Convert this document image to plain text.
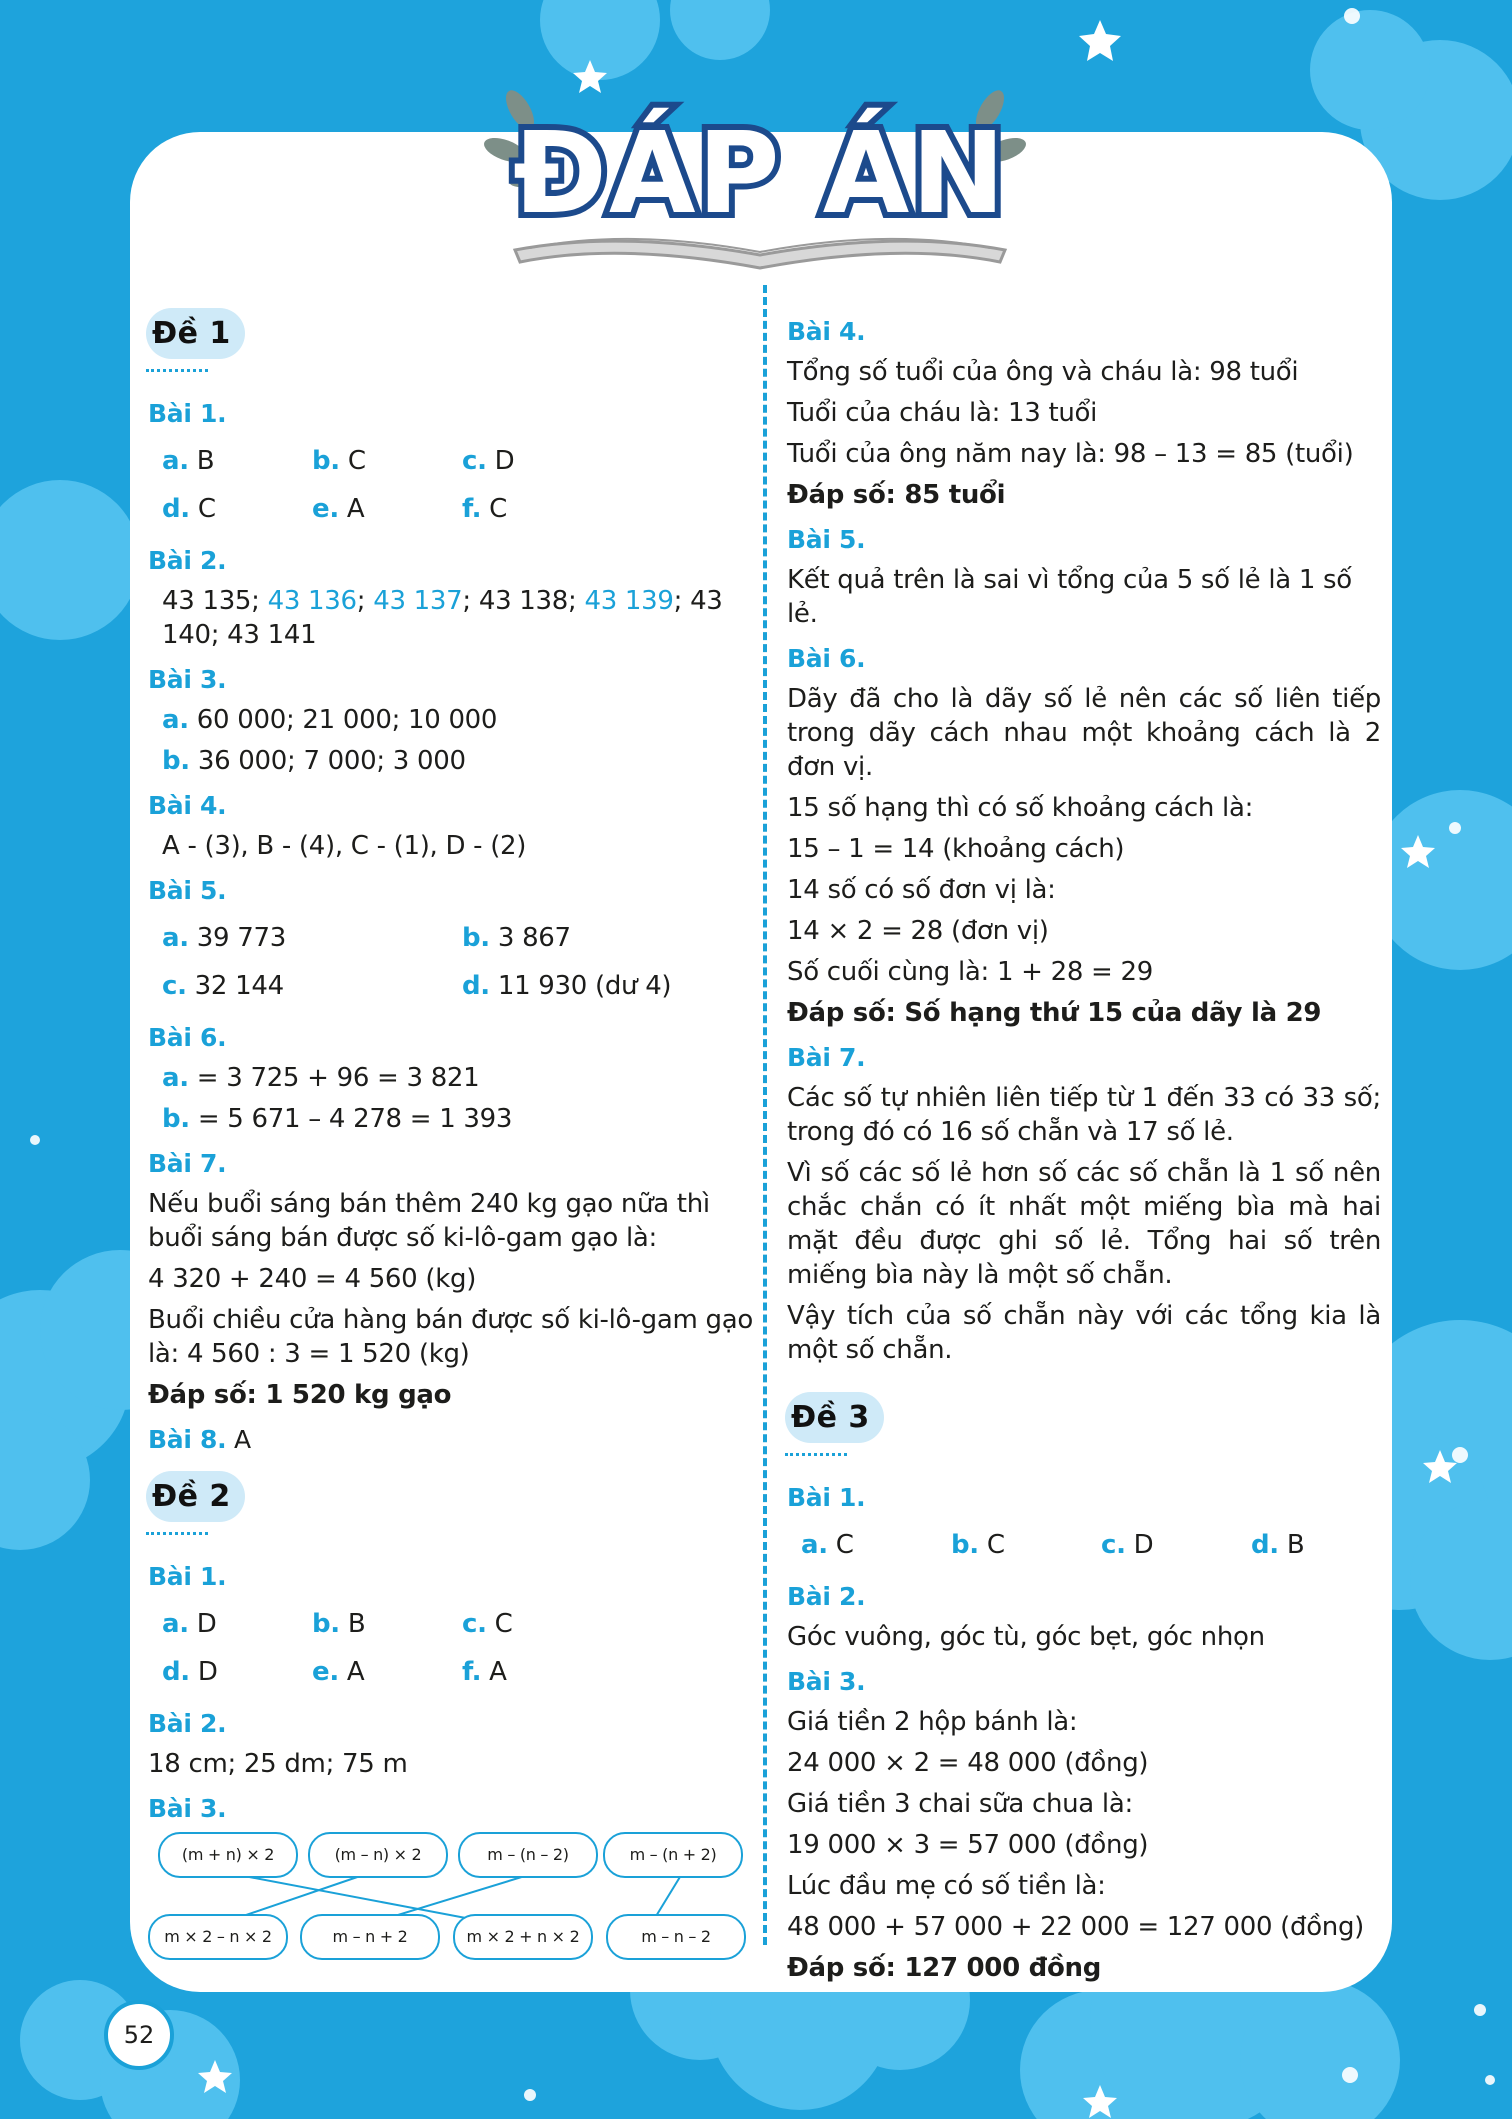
ĐÁP ÁN
Đề 1
Bài 1.
a. B	b. C	c. D
d. C	e. A	f. C
Bài 2.
43 135; 43 136; 43 137; 43 138; 43 139; 43 140; 43 141
Bài 3.
a. 60 000; 21 000; 10 000
b. 36 000; 7 000; 3 000
Bài 4.
A - (3), B - (4), C - (1), D - (2)
Bài 5.
a. 39 773	b. 3 867
c. 32 144	d. 11 930 (dư 4)
Bài 6.
a. = 3 725 + 96 = 3 821
b. = 5 671 – 4 278 = 1 393
Bài 7.
Nếu buổi sáng bán thêm 240 kg gạo nữa thì buổi sáng bán được số ki-lô-gam gạo là:
4 320 + 240 = 4 560 (kg)
Buổi chiều cửa hàng bán được số ki-lô-gam gạo là: 4 560 : 3 = 1 520 (kg)
Đáp số: 1 520 kg gạo
Bài 8. A
Đề 2
Bài 1.
a. D	b. B	c. C
d. D	e. A	f. A
Bài 2.
18 cm; 25 dm; 75 m
Bài 3.
(m + n) × 2	(m – n) × 2	m – (n – 2)	m – (n + 2)
m × 2 – n × 2	m – n + 2	m × 2 + n × 2	m – n – 2
Bài 4.
Tổng số tuổi của ông và cháu là: 98 tuổi
Tuổi của cháu là: 13 tuổi
Tuổi của ông năm nay là: 98 – 13 = 85 (tuổi)
Đáp số: 85 tuổi
Bài 5.
Kết quả trên là sai vì tổng của 5 số lẻ là 1 số lẻ.
Bài 6.
Dãy đã cho là dãy số lẻ nên các số liên tiếp trong dãy cách nhau một khoảng cách là 2 đơn vị.
15 số hạng thì có số khoảng cách là:
15 – 1 = 14 (khoảng cách)
14 số có số đơn vị là:
14 × 2 = 28 (đơn vị)
Số cuối cùng là: 1 + 28 = 29
Đáp số: Số hạng thứ 15 của dãy là 29
Bài 7.
Các số tự nhiên liên tiếp từ 1 đến 33 có 33 số; trong đó có 16 số chẵn và 17 số lẻ.
Vì số các số lẻ hơn số các số chẵn là 1 số nên chắc chắn có ít nhất một miếng bìa mà hai mặt đều được ghi số lẻ. Tổng hai số trên miếng bìa này là một số chẵn.
Vậy tích của số chẵn này với các tổng kia là một số chẵn.
Đề 3
Bài 1.
a. C	b. C	c. D	d. B
Bài 2.
Góc vuông, góc tù, góc bẹt, góc nhọn
Bài 3.
Giá tiền 2 hộp bánh là:
24 000 × 2 = 48 000 (đồng)
Giá tiền 3 chai sữa chua là:
19 000 × 3 = 57 000 (đồng)
Lúc đầu mẹ có số tiền là:
48 000 + 57 000 + 22 000 = 127 000 (đồng)
Đáp số: 127 000 đồng
52
